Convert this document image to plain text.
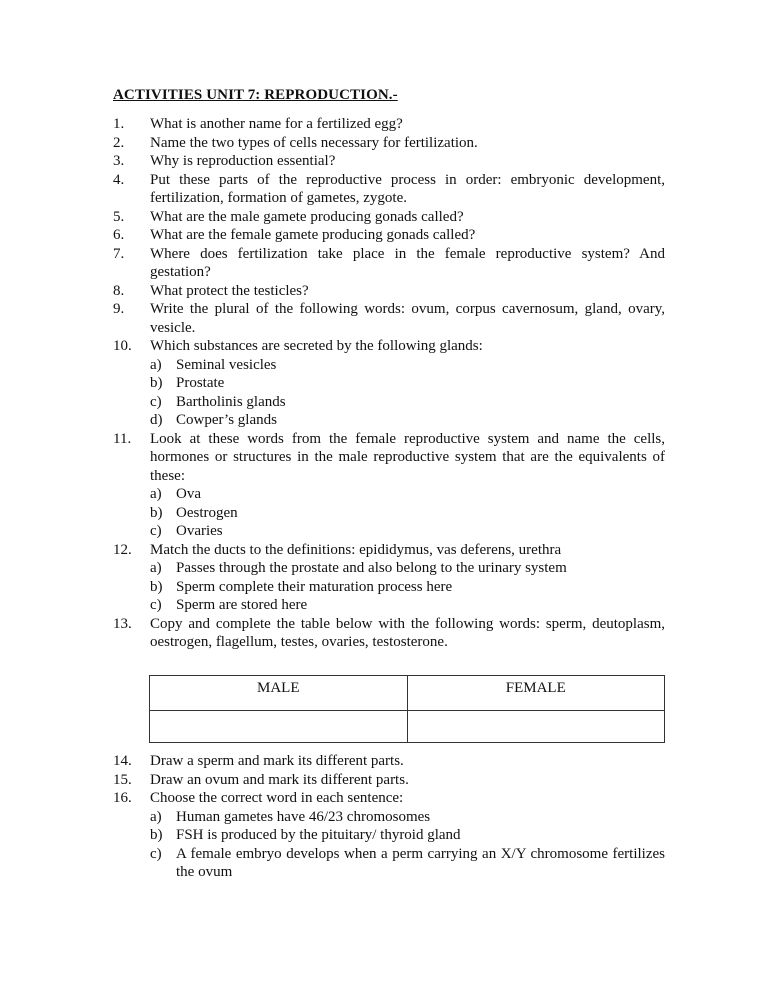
ACTIVITIES UNIT 7: REPRODUCTION.-
1. What is another name for a fertilized egg?
2. Name the two types of cells necessary for fertilization.
3. Why is reproduction essential?
4. Put these parts of the reproductive process in order: embryonic development, fertilization, formation of gametes, zygote.
5. What are the male gamete producing gonads called?
6. What are the female gamete producing gonads called?
7. Where does fertilization take place in the female reproductive system? And gestation?
8. What protect the testicles?
9. Write the plural of the following words: ovum, corpus cavernosum, gland, ovary, vesicle.
10. Which substances are secreted by the following glands:
a) Seminal vesicles
b) Prostate
c) Bartholinis glands
d) Cowper’s glands
11. Look at these words from the female reproductive system and name the cells, hormones or structures in the male reproductive system that are the equivalents of these:
a) Ova
b) Oestrogen
c) Ovaries
12. Match the ducts to the definitions: epididymus, vas deferens, urethra
a) Passes through the prostate and also belong to the urinary system
b) Sperm complete their maturation process here
c) Sperm are stored here
13. Copy and complete the table below with the following words: sperm, deutoplasm, oestrogen, flagellum, testes, ovaries, testosterone.
MALE	FEMALE

14. Draw a sperm and mark its different parts.
15. Draw an ovum and mark its different parts.
16. Choose the correct word in each sentence:
a) Human gametes have 46/23 chromosomes
b) FSH is produced by the pituitary/ thyroid gland
c) A female embryo develops when a perm carrying an X/Y chromosome fertilizes the ovum
